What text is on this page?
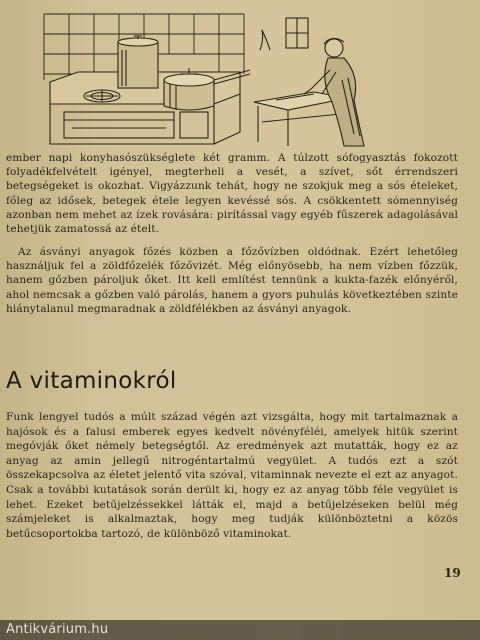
ember napi konyhasószükséglete két gramm. A túlzott sófogyasztás fokozott folyadékfelvételt igényel, megterheli a vesét, a szívet, sőt érrendszeri betegségeket is okozhat. Vigyázzunk tehát, hogy ne szokjuk meg a sós ételeket, főleg az idősek, betegek étele legyen kevéssé sós. A csökkentett sómennyiség azonban nem mehet az ízek rovására: pirítással vagy egyéb fűszerek adagolásával tehetjük zamatossá az ételt.

Az ásványi anyagok főzés közben a főzővízben oldódnak. Ezért lehetőleg használjuk fel a zöldfőzelék főzővizét. Még előnyösebb, ha nem vízben főzzük, hanem gőzben pároljuk őket. Itt kell említést tennünk a kukta-fazék előnyéről, ahol nemcsak a gőzben való párolás, hanem a gyors puhulás következtében szinte hiánytalanul megmaradnak a zöldfélékben az ásványi anyagok.

A vitaminokról

Funk lengyel tudós a múlt század végén azt vizsgálta, hogy mit tartalmaznak a hajósok és a falusi emberek egyes kedvelt növényféléi, amelyek hitük szerint megóvják őket némely betegségtől. Az eredmények azt mutatták, hogy ez az anyag az amin jellegű nitrogéntartalmú vegyület. A tudós ezt a szót összekapcsolva az életet jelentő vita szóval, vitaminnak nevezte el ezt az anyagot. Csak a további kutatások során derült ki, hogy ez az anyag több féle vegyület is lehet. Ezeket betűjelzéssekkel látták el, majd a betűjelzéseken belül még számjeleket is alkalmaztak, hogy meg tudják különböztetni a közös betűcsoportokba tartozó, de különböző vitaminokat.

19
Antikvárium.hu
